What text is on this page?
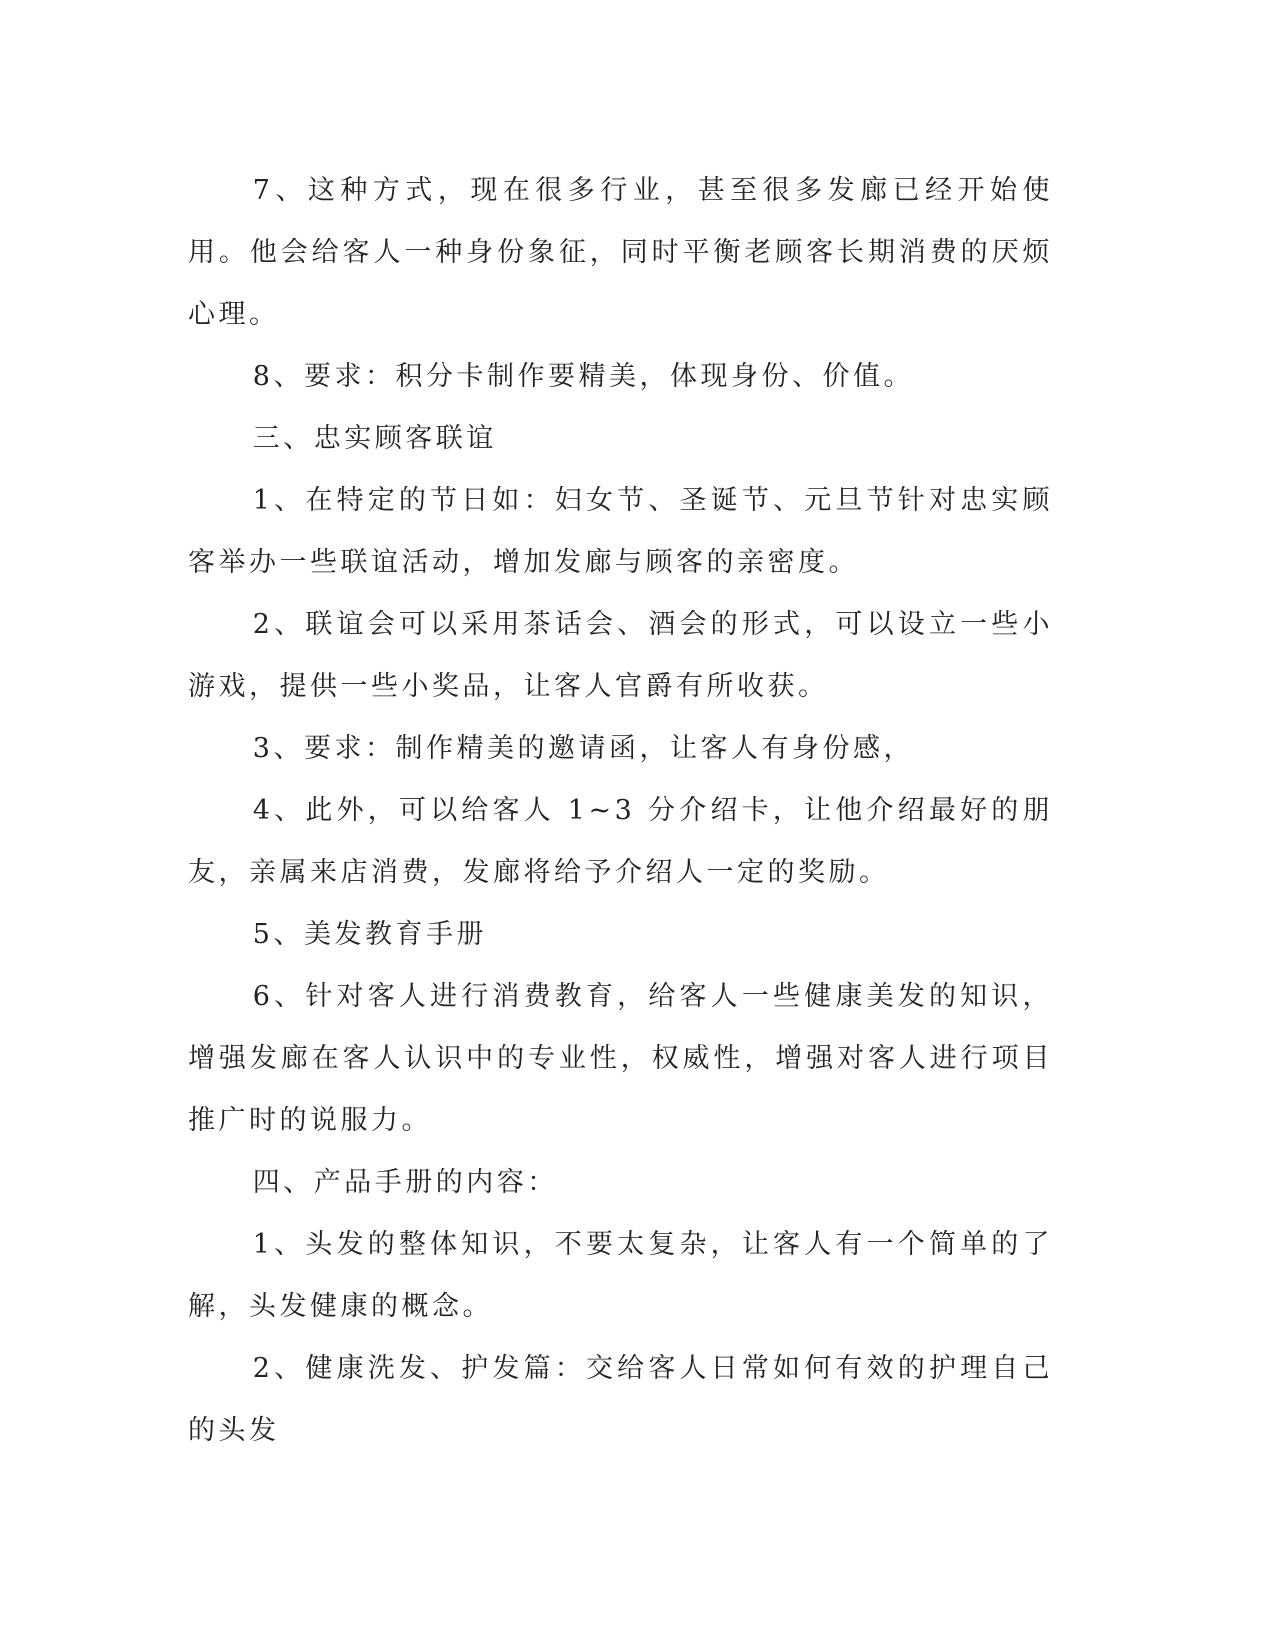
7、这种方式，现在很多行业，甚至很多发廊已经开始使用。他会给客人一种身份象征，同时平衡老顾客长期消费的厌烦心理。

8、要求：积分卡制作要精美，体现身份、价值。

三、忠实顾客联谊

1、在特定的节日如：妇女节、圣诞节、元旦节针对忠实顾客举办一些联谊活动，增加发廊与顾客的亲密度。

2、联谊会可以采用茶话会、酒会的形式，可以设立一些小游戏，提供一些小奖品，让客人官爵有所收获。

3、要求：制作精美的邀请函，让客人有身份感，

4、此外，可以给客人 1~3 分介绍卡，让他介绍最好的朋友，亲属来店消费，发廊将给予介绍人一定的奖励。

5、美发教育手册

6、针对客人进行消费教育，给客人一些健康美发的知识，增强发廊在客人认识中的专业性，权威性，增强对客人进行项目推广时的说服力。

四、产品手册的内容：

1、头发的整体知识，不要太复杂，让客人有一个简单的了解，头发健康的概念。

2、健康洗发、护发篇：交给客人日常如何有效的护理自己的头发
